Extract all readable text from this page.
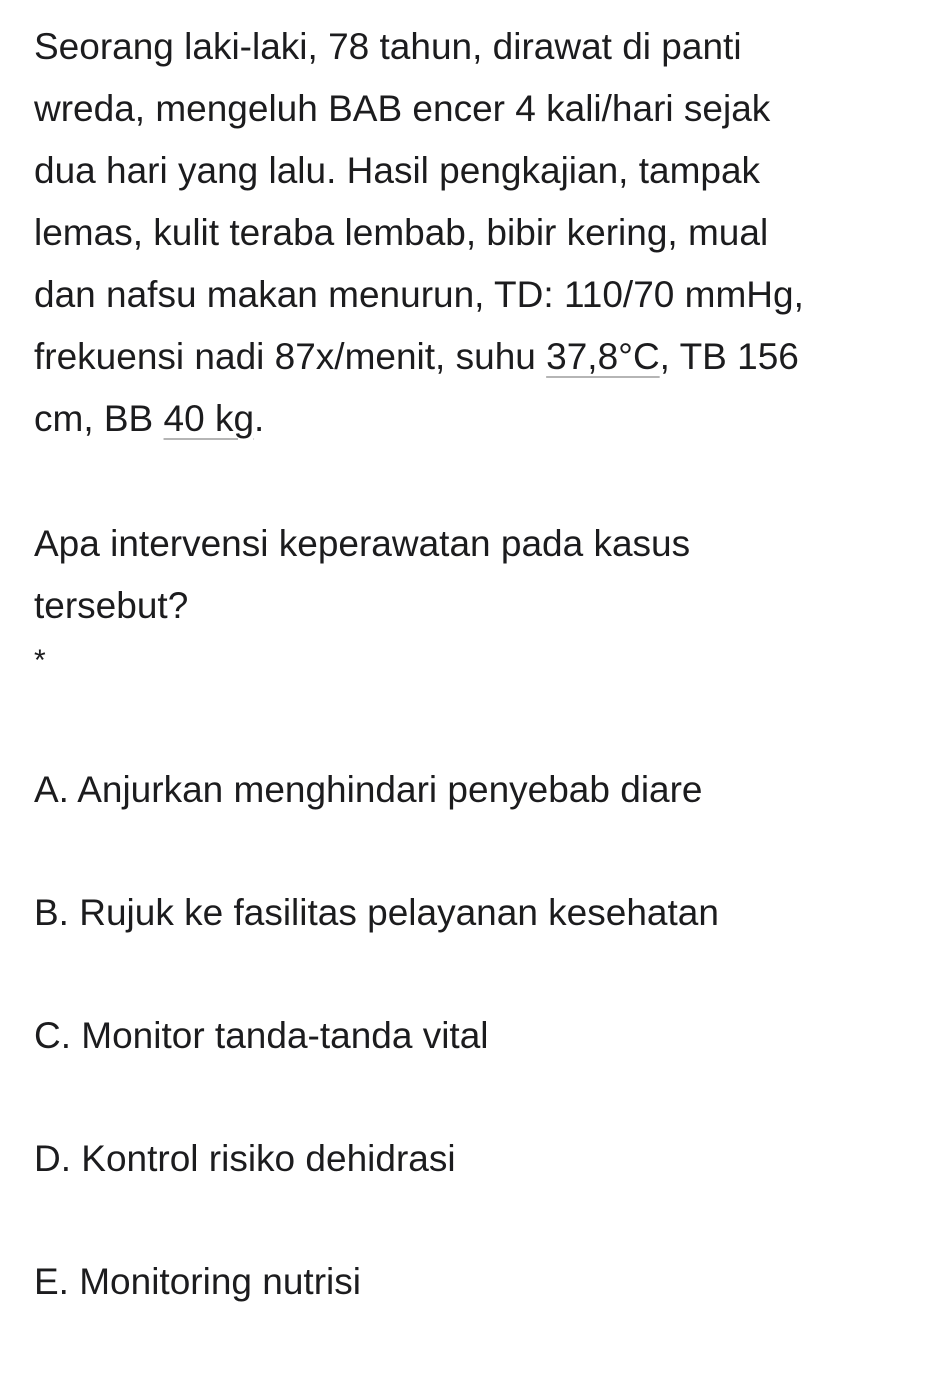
Seorang laki-laki, 78 tahun, dirawat di panti
wreda, mengeluh BAB encer 4 kali/hari sejak
dua hari yang lalu. Hasil pengkajian, tampak
lemas, kulit teraba lembab, bibir kering, mual
dan nafsu makan menurun, TD: 110/70 mmHg,
frekuensi nadi 87x/menit, suhu 37,8°C, TB 156
cm, BB 40 kg.

Apa intervensi keperawatan pada kasus
tersebut?

*
A. Anjurkan menghindari penyebab diare
B. Rujuk ke fasilitas pelayanan kesehatan
C. Monitor tanda-tanda vital
D. Kontrol risiko dehidrasi
E. Monitoring nutrisi
